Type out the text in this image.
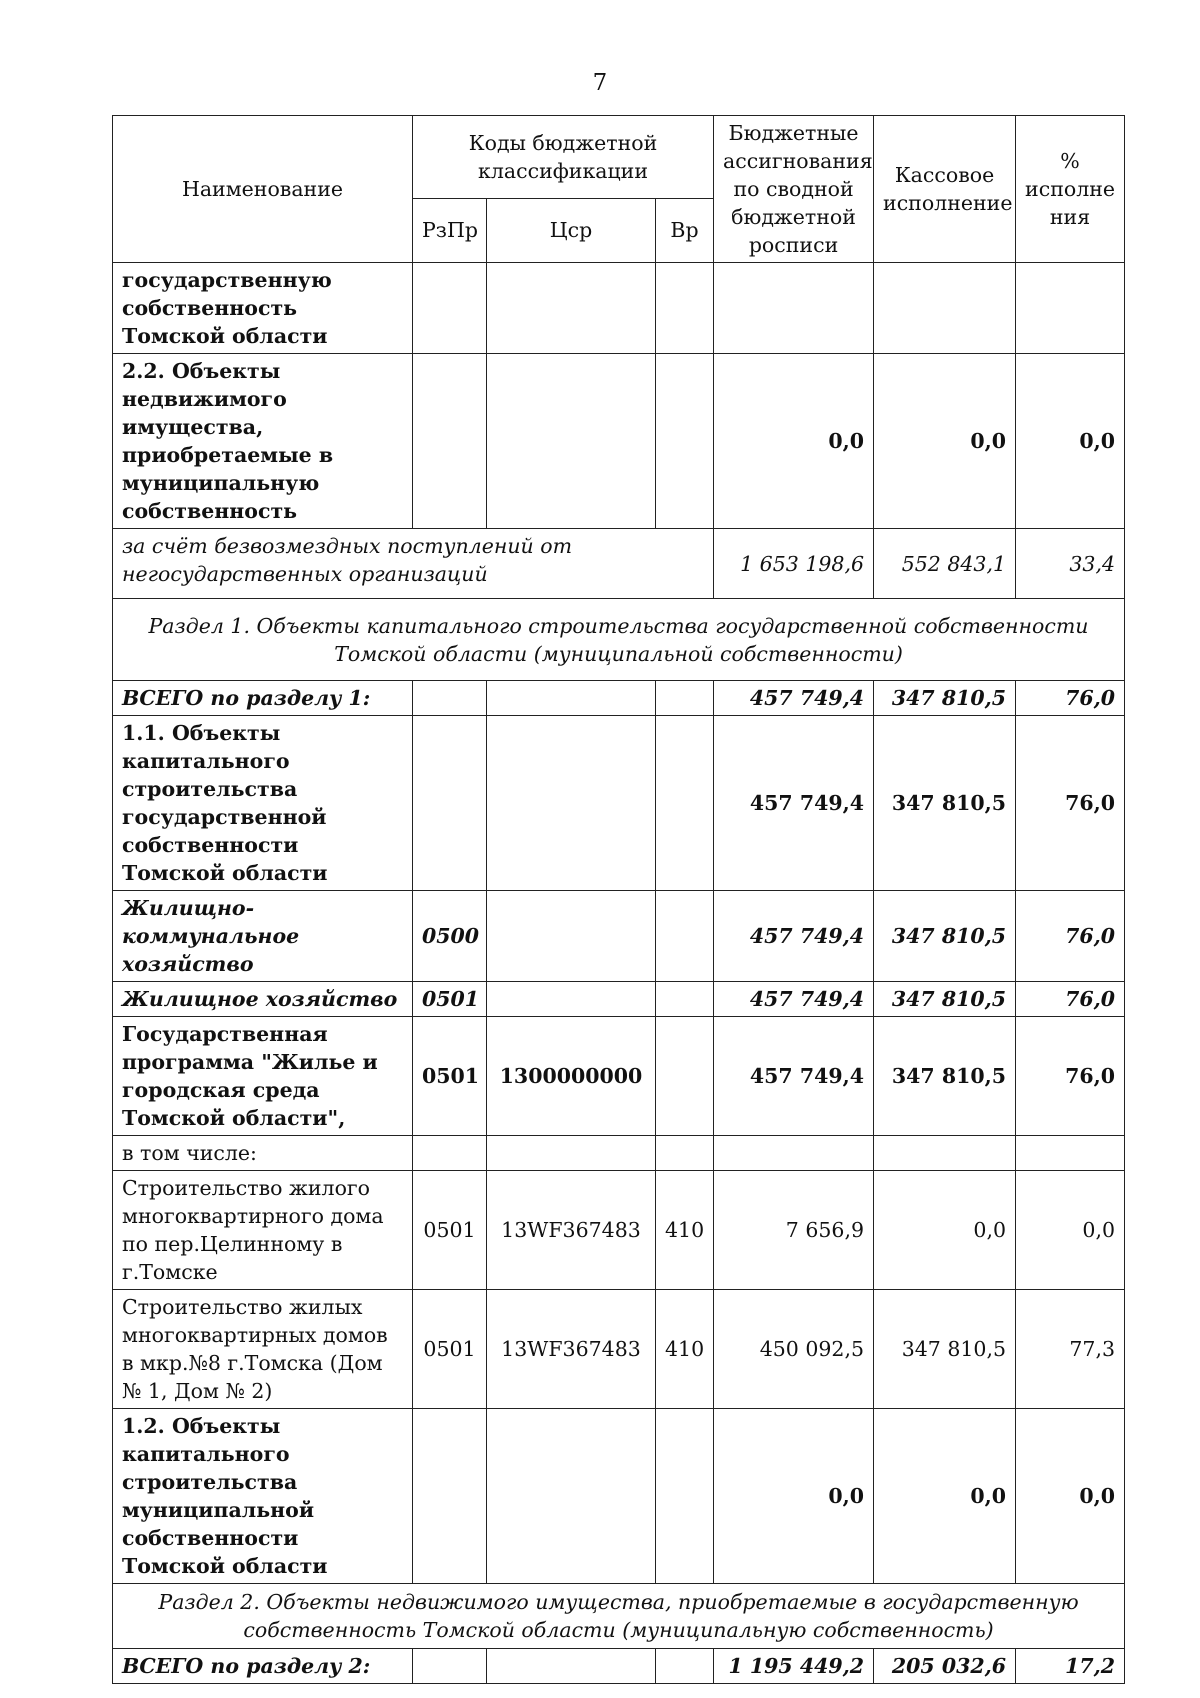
7
Наименование	Коды бюджетной классификации			Бюджетные ассигнования по сводной бюджетной росписи	Кассовое исполнение	% исполне ния
	РзПр	Цср	Вр			
государственную собственность Томской области						
2.2. Объекты недвижимого имущества, приобретаемые в муниципальную собственность				0,0	0,0	0,0
за счёт безвозмездных поступлений от негосударственных организаций				1 653 198,6	552 843,1	33,4
Раздел 1. Объекты капитального строительства государственной собственности Томской области (муниципальной собственности)						
ВСЕГО по разделу 1:				457 749,4	347 810,5	76,0
1.1. Объекты капитального строительства государственной собственности Томской области				457 749,4	347 810,5	76,0
Жилищно-коммунальное хозяйство	0500			457 749,4	347 810,5	76,0
Жилищное хозяйство	0501			457 749,4	347 810,5	76,0
Государственная программа "Жилье и городская среда Томской области",	0501	1300000000		457 749,4	347 810,5	76,0
в том числе:						
Строительство жилого многоквартирного дома по пер.Целинному в г.Томске	0501	13WF367483	410	7 656,9	0,0	0,0
Строительство жилых многоквартирных домов в мкр.№8 г.Томска (Дом № 1, Дом № 2)	0501	13WF367483	410	450 092,5	347 810,5	77,3
1.2. Объекты капитального строительства муниципальной собственности Томской области				0,0	0,0	0,0
Раздел 2. Объекты недвижимого имущества, приобретаемые в государственную собственность Томской области (муниципальную собственность)						
ВСЕГО по разделу 2:				1 195 449,2	205 032,6	17,2
